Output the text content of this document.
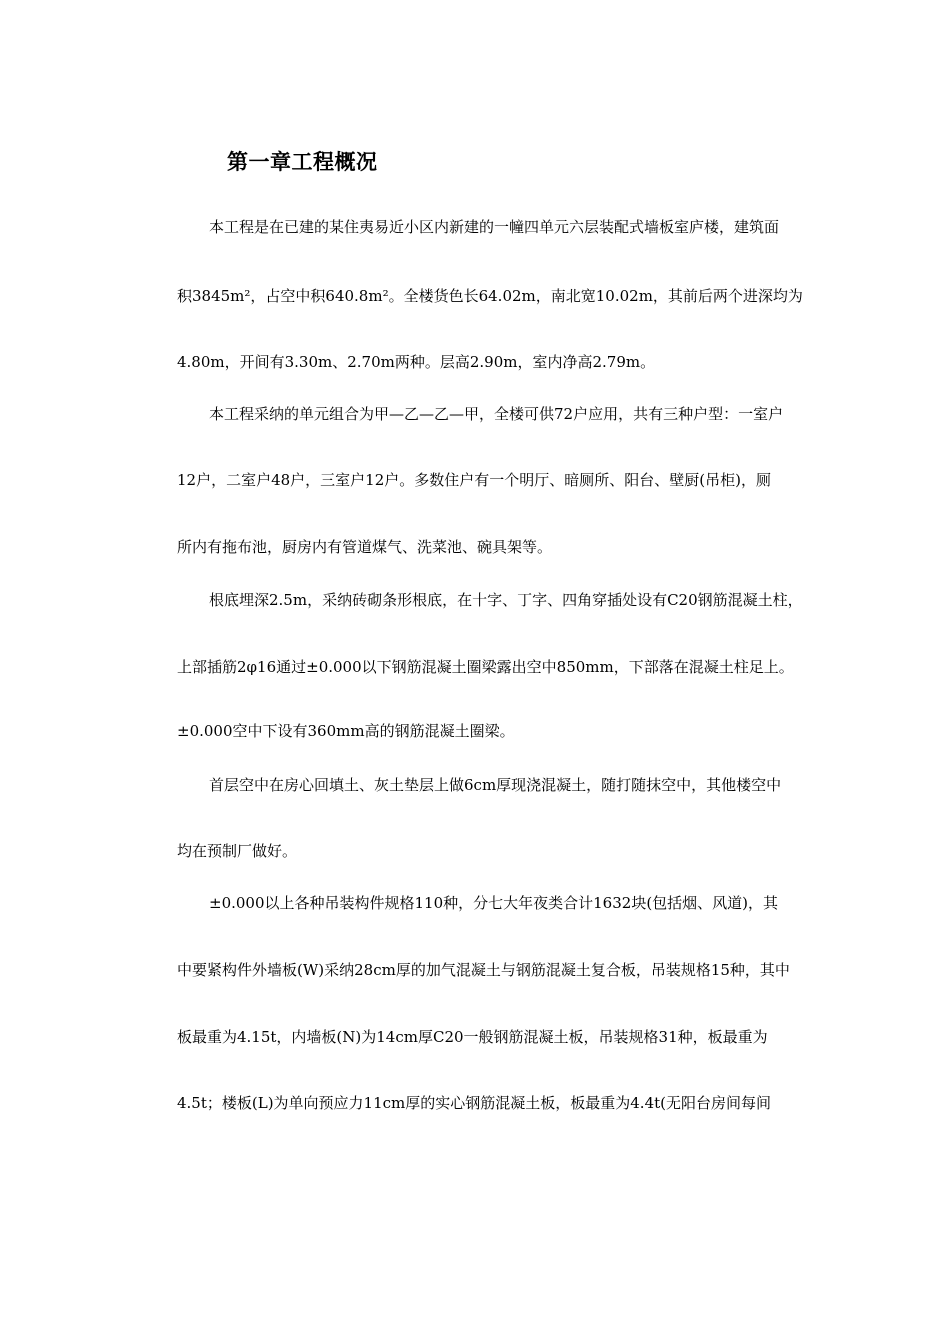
第一章工程概况
本工程是在已建的某住夷易近小区内新建的一幢四单元六层装配式墙板室庐楼，建筑面
积3845m²，占空中积640.8m²。全楼货色长64.02m，南北宽10.02m，其前后两个进深均为
4.80m，开间有3.30m、2.70m两种。层高2.90m，室内净高2.79m。
本工程采纳的单元组合为甲—乙—乙—甲，全楼可供72户应用，共有三种户型：一室户
12户，二室户48户，三室户12户。多数住户有一个明厅、暗厕所、阳台、壁厨(吊柜)，厕
所内有拖布池，厨房内有管道煤气、洗菜池、碗具架等。
根底埋深2.5m，采纳砖砌条形根底，在十字、丁字、四角穿插处设有C20钢筋混凝土柱，
上部插筋2φ16通过±0.000以下钢筋混凝土圈梁露出空中850mm，下部落在混凝土柱足上。
±0.000空中下设有360mm高的钢筋混凝土圈梁。
首层空中在房心回填土、灰土垫层上做6cm厚现浇混凝土，随打随抹空中，其他楼空中
均在预制厂做好。
±0.000以上各种吊装构件规格110种，分七大年夜类合计1632块(包括烟、风道)，其
中要紧构件外墙板(W)采纳28cm厚的加气混凝土与钢筋混凝土复合板，吊装规格15种，其中
板最重为4.15t，内墙板(N)为14cm厚C20一般钢筋混凝土板，吊装规格31种，板最重为
4.5t；楼板(L)为单向预应力11cm厚的实心钢筋混凝土板，板最重为4.4t(无阳台房间每间
